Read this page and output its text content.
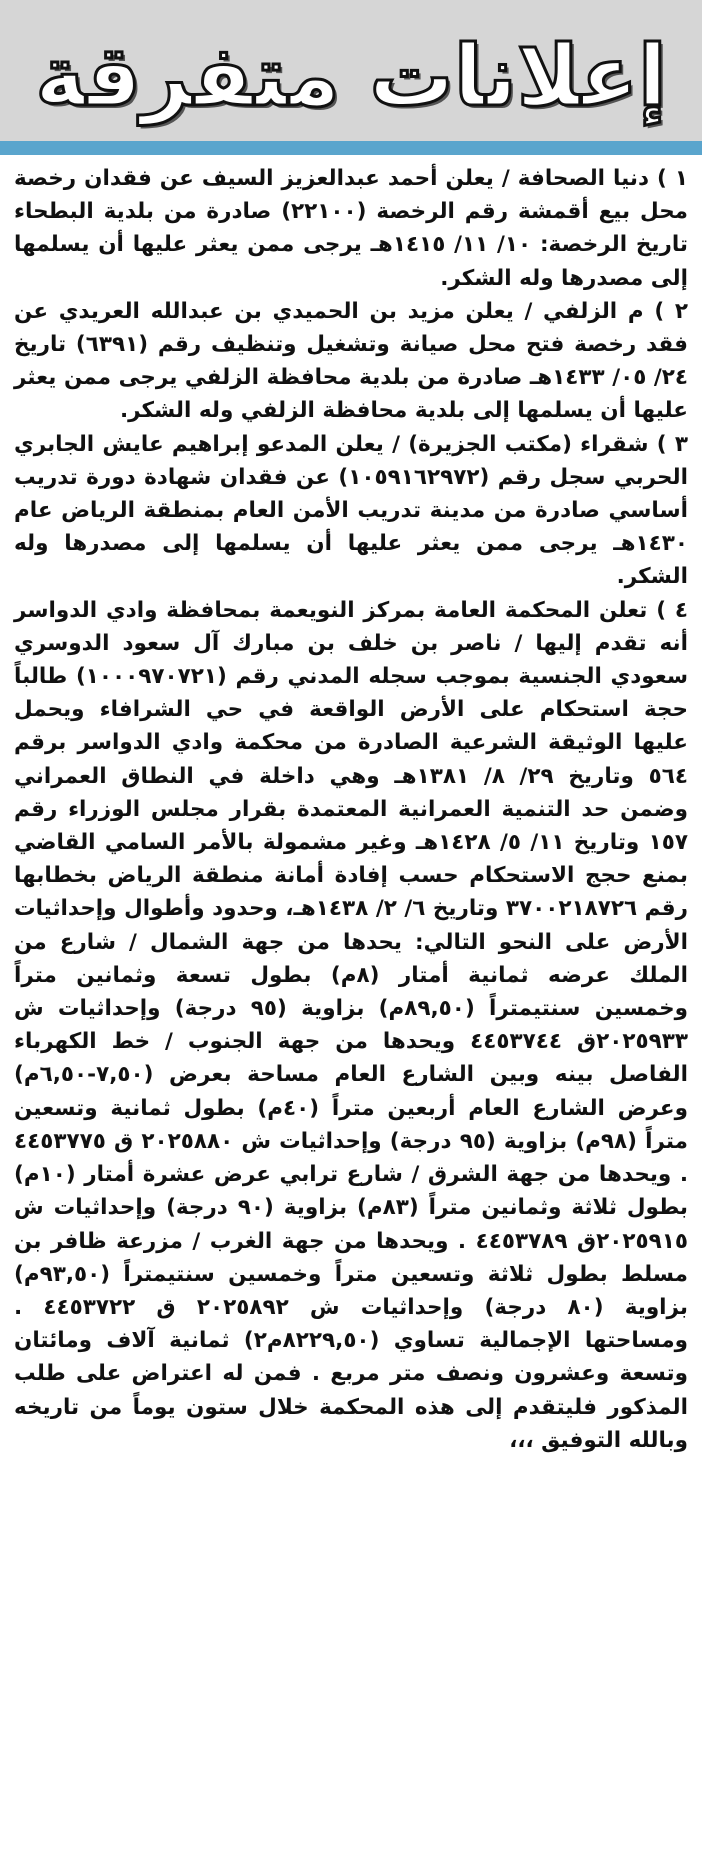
إعلانات متفرقة

١ ) دنيا الصحافة / يعلن أحمد عبدالعزيز السيف عن فقدان رخصة محل بيع أقمشة رقم الرخصة (٢٢١٠٠) صادرة من بلدية البطحاء تاريخ الرخصة: ١٠/ ١١/ ١٤١٥هـ يرجى ممن يعثر عليها أن يسلمها إلى مصدرها وله الشكر.

٢ ) م الزلفي / يعلن مزيد بن الحميدي بن عبدالله العريدي عن فقد رخصة فتح محل صيانة وتشغيل وتنظيف رقم (٦٣٩١) تاريخ ٢٤/ ٠٥/ ١٤٣٣هـ صادرة من بلدية محافظة الزلفي يرجى ممن يعثر عليها أن يسلمها إلى بلدية محافظة الزلفي وله الشكر.

٣ ) شقراء (مكتب الجزيرة) / يعلن المدعو إبراهيم عايش الجابري الحربي سجل رقم (١٠٥٩١٦٢٩٧٢) عن فقدان شهادة دورة تدريب أساسي صادرة من مدينة تدريب الأمن العام بمنطقة الرياض عام ١٤٣٠هـ يرجى ممن يعثر عليها أن يسلمها إلى مصدرها وله الشكر.

٤ ) تعلن المحكمة العامة بمركز النويعمة بمحافظة وادي الدواسر أنه تقدم إليها / ناصر بن خلف بن مبارك آل سعود الدوسري سعودي الجنسية بموجب سجله المدني رقم (١٠٠٠٩٧٠٧٢١) طالباً حجة استحكام على الأرض الواقعة في حي الشرافاء ويحمل عليها الوثيقة الشرعية الصادرة من محكمة وادي الدواسر برقم ٥٦٤ وتاريخ ٢٩/ ٨/ ١٣٨١هـ وهي داخلة في النطاق العمراني وضمن حد التنمية العمرانية المعتمدة بقرار مجلس الوزراء رقم ١٥٧ وتاريخ ١١/ ٥/ ١٤٢٨هـ وغير مشمولة بالأمر السامي القاضي بمنع حجج الاستحكام حسب إفادة أمانة منطقة الرياض بخطابها رقم ٣٧٠٠٢١٨٧٢٦ وتاريخ ٦/ ٢/ ١٤٣٨هـ، وحدود وأطوال وإحداثيات الأرض على النحو التالي: يحدها من جهة الشمال / شارع من الملك عرضه ثمانية أمتار (٨م) بطول تسعة وثمانين متراً وخمسين سنتيمتراً (٨٩,٥٠م) بزاوية (٩٥ درجة) وإحداثيات ش ٢٠٢٥٩٣٣ق ٤٤٥٣٧٤٤ ويحدها من جهة الجنوب / خط الكهرباء الفاصل بينه وبين الشارع العام مساحة بعرض (٧,٥٠-٦,٥٠م) وعرض الشارع العام أربعين متراً (٤٠م) بطول ثمانية وتسعين متراً (٩٨م) بزاوية (٩٥ درجة) وإحداثيات ش ٢٠٢٥٨٨٠ ق ٤٤٥٣٧٧٥ . ويحدها من جهة الشرق / شارع ترابي عرض عشرة أمتار (١٠م) بطول ثلاثة وثمانين متراً (٨٣م) بزاوية (٩٠ درجة) وإحداثيات ش ٢٠٢٥٩١٥ق ٤٤٥٣٧٨٩ . ويحدها من جهة الغرب / مزرعة ظافر بن مسلط بطول ثلاثة وتسعين متراً وخمسين سنتيمتراً (٩٣,٥٠م) بزاوية (٨٠ درجة) وإحداثيات ش ٢٠٢٥٨٩٢ ق ٤٤٥٣٧٢٢ . ومساحتها الإجمالية تساوي (٨٢٢٩,٥٠م٢) ثمانية آلاف ومائتان وتسعة وعشرون ونصف متر مربع . فمن له اعتراض على طلب المذكور فليتقدم إلى هذه المحكمة خلال ستون يوماً من تاريخه وبالله التوفيق ،،،
